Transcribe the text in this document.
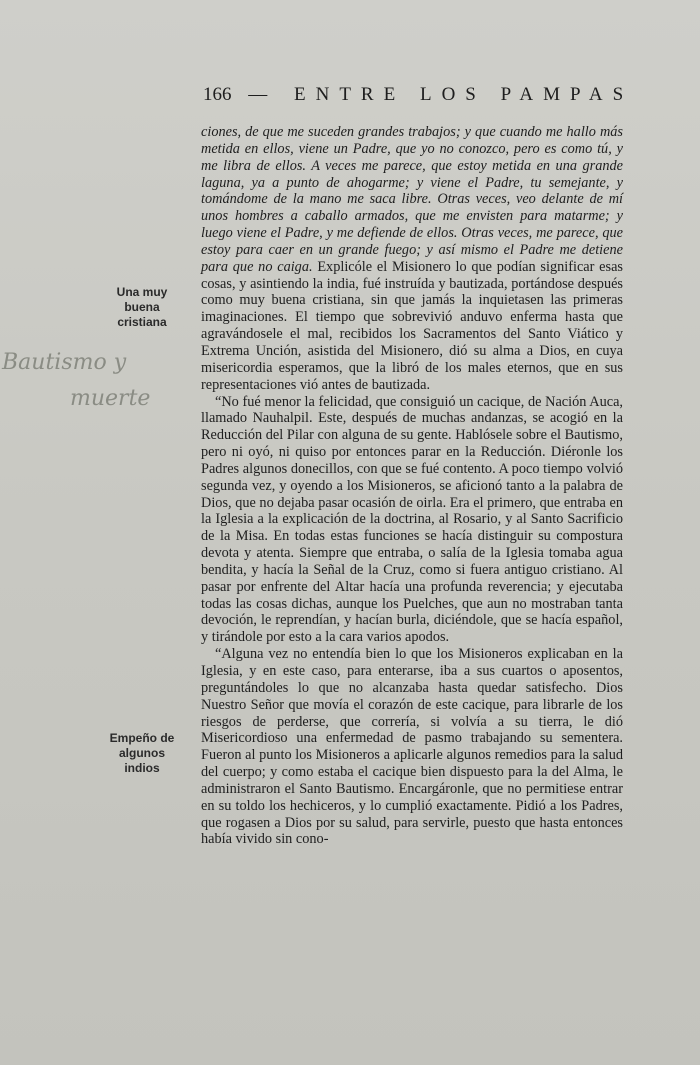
166 — ENTRE LOS PAMPAS
Una muy buena cristiana
Empeño de algunos indios
Bautismo y
muerte

ciones, de que me suceden grandes trabajos; y que cuando me hallo más metida en ellos, viene un Padre, que yo no conozco, pero es como tú, y me libra de ellos. A veces me parece, que estoy metida en una grande laguna, ya a punto de ahogarme; y viene el Padre, tu semejante, y tomándome de la mano me saca libre. Otras veces, veo delante de mí unos hombres a caballo armados, que me envisten para matarme; y luego viene el Padre, y me defiende de ellos. Otras veces, me parece, que estoy para caer en un grande fuego; y así mismo el Padre me detiene para que no caiga. Explicóle el Misionero lo que podían significar esas cosas, y asintiendo la india, fué instruída y bautizada, portándose después como muy buena cristiana, sin que jamás la inquietasen las primeras imaginaciones. El tiempo que sobrevivió anduvo enferma hasta que agravándosele el mal, recibidos los Sacramentos del Santo Viático y Extrema Unción, asistida del Misionero, dió su alma a Dios, en cuya misericordia esperamos, que la libró de los males eternos, que en sus representaciones vió antes de bautizada.

“No fué menor la felicidad, que consiguió un cacique, de Nación Auca, llamado Nauhalpil. Este, después de muchas andanzas, se acogió en la Reducción del Pilar con alguna de su gente. Hablósele sobre el Bautismo, pero ni oyó, ni quiso por entonces parar en la Reducción. Diéronle los Padres algunos donecillos, con que se fué contento. A poco tiempo volvió segunda vez, y oyendo a los Misioneros, se aficionó tanto a la palabra de Dios, que no dejaba pasar ocasión de oirla. Era el primero, que entraba en la Iglesia a la explicación de la doctrina, al Rosario, y al Santo Sacrificio de la Misa. En todas estas funciones se hacía distinguir su compostura devota y atenta. Siempre que entraba, o salía de la Iglesia tomaba agua bendita, y hacía la Señal de la Cruz, como si fuera antiguo cristiano. Al pasar por enfrente del Altar hacía una profunda reverencia; y ejecutaba todas las cosas dichas, aunque los Puelches, que aun no mostraban tanta devoción, le reprendían, y hacían burla, diciéndole, que se hacía español, y tirándole por esto a la cara varios apodos.

“Alguna vez no entendía bien lo que los Misioneros explicaban en la Iglesia, y en este caso, para enterarse, iba a sus cuartos o aposentos, preguntándoles lo que no alcanzaba hasta quedar satisfecho. Dios Nuestro Señor que movía el corazón de este cacique, para librarle de los riesgos de perderse, que correría, si volvía a su tierra, le dió Misericordioso una enfermedad de pasmo trabajando su sementera. Fueron al punto los Misioneros a aplicarle algunos remedios para la salud del cuerpo; y como estaba el cacique bien dispuesto para la del Alma, le administraron el Santo Bautismo. Encargáronle, que no permitiese entrar en su toldo los hechiceros, y lo cumplió exactamente. Pidió a los Padres, que rogasen a Dios por su salud, para servirle, puesto que hasta entonces había vivido sin cono-
